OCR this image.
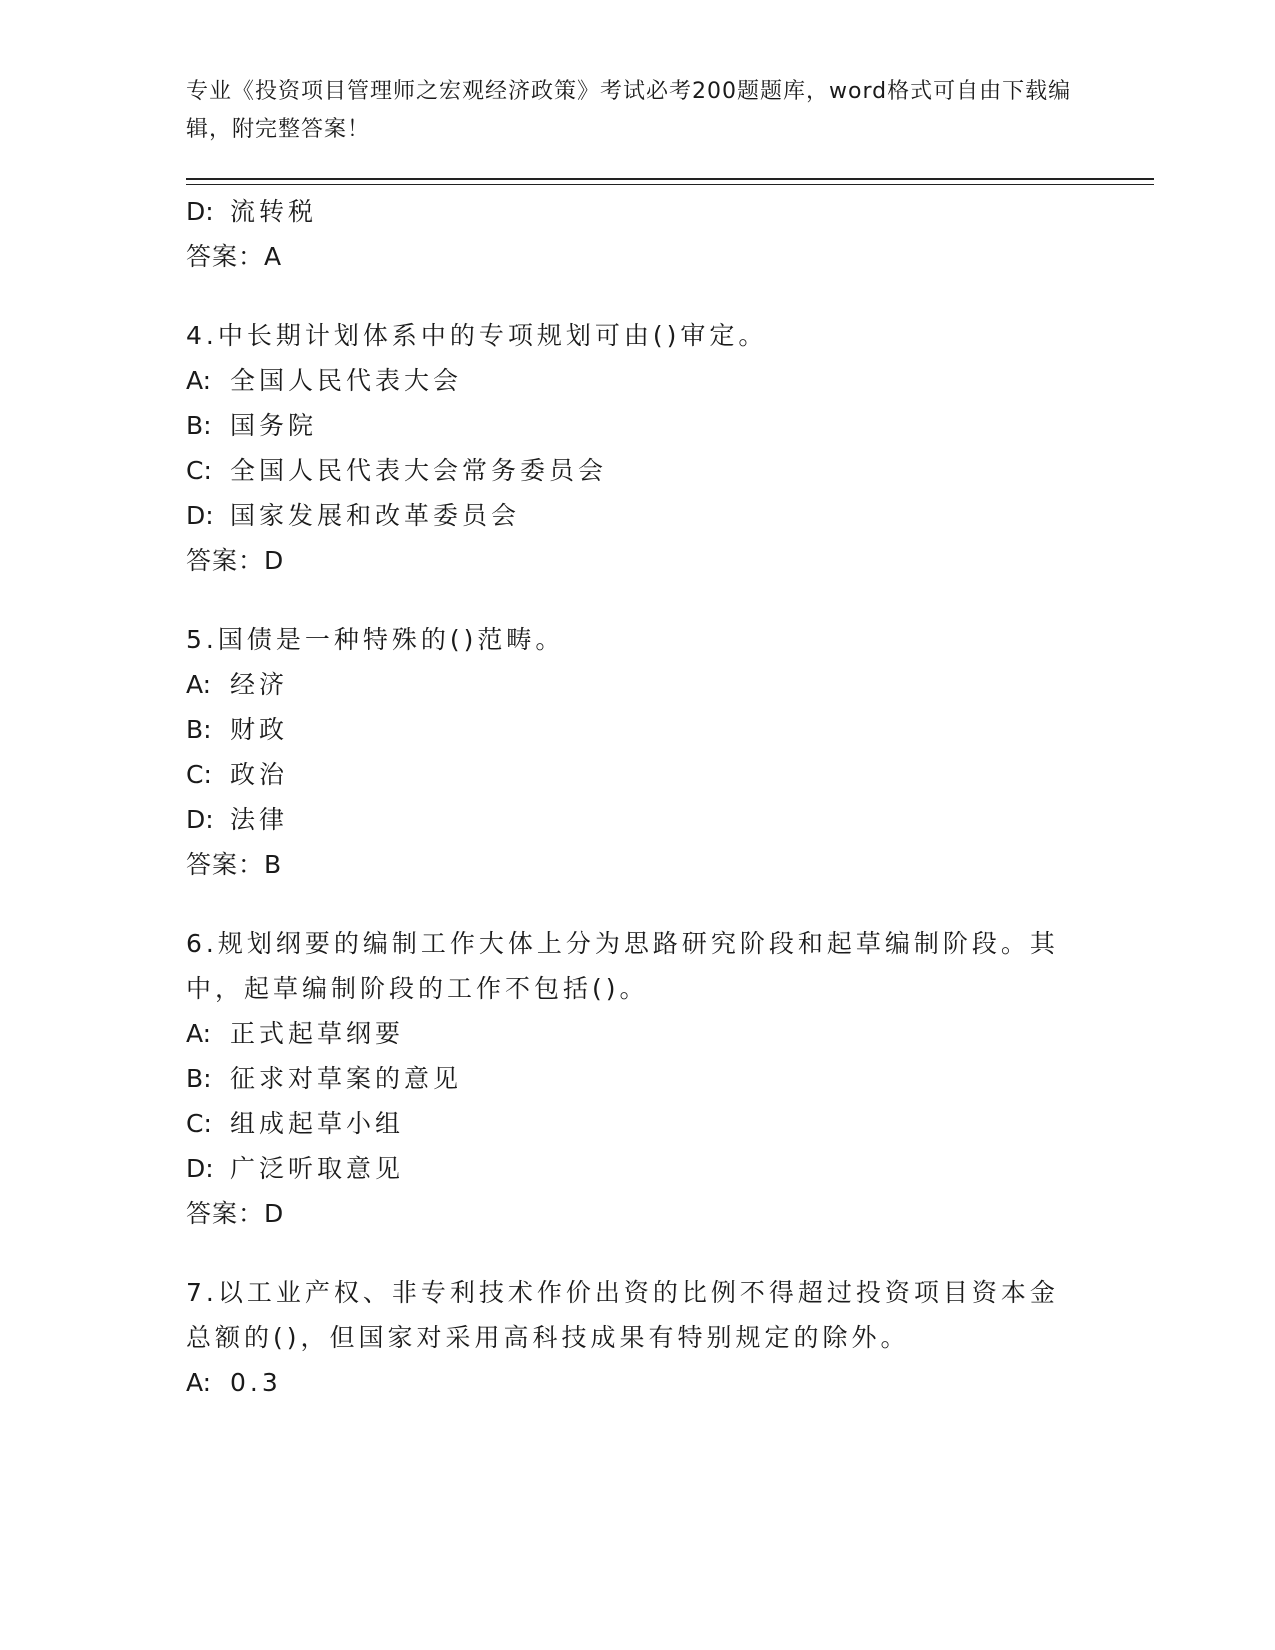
专业《投资项目管理师之宏观经济政策》考试必考200题题库，word格式可自由下载编辑，附完整答案！
D: 流转税
答案：A
4.中长期计划体系中的专项规划可由()审定。
A: 全国人民代表大会
B: 国务院
C: 全国人民代表大会常务委员会
D: 国家发展和改革委员会
答案：D
5.国债是一种特殊的()范畴。
A: 经济
B: 财政
C: 政治
D: 法律
答案：B
6.规划纲要的编制工作大体上分为思路研究阶段和起草编制阶段。其
中，起草编制阶段的工作不包括()。
A: 正式起草纲要
B: 征求对草案的意见
C: 组成起草小组
D: 广泛听取意见
答案：D
7.以工业产权、非专利技术作价出资的比例不得超过投资项目资本金
总额的()，但国家对采用高科技成果有特别规定的除外。
A: 0.3
